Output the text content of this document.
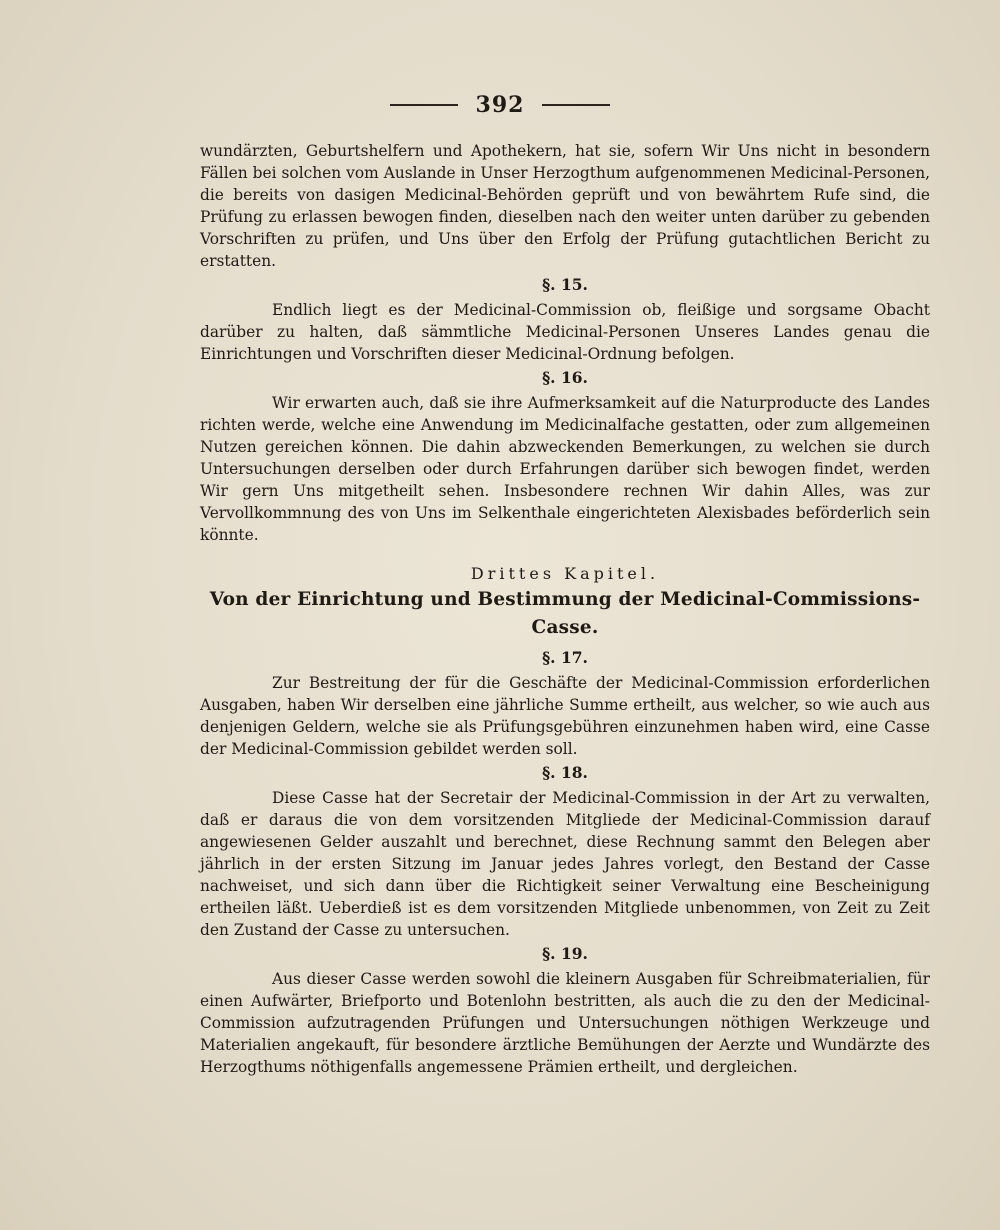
392

wundärzten, Geburtshelfern und Apothekern, hat sie, sofern Wir Uns nicht in besondern Fällen bei solchen vom Auslande in Unser Herzogthum aufgenommenen Medicinal-Personen, die bereits von dasigen Medicinal-Behörden geprüft und von bewährtem Rufe sind, die Prüfung zu erlassen bewogen finden, dieselben nach den weiter unten darüber zu gebenden Vorschriften zu prüfen, und Uns über den Erfolg der Prüfung gutachtlichen Bericht zu erstatten.

§. 15.

Endlich liegt es der Medicinal-Commission ob, fleißige und sorgsame Obacht darüber zu halten, daß sämmtliche Medicinal-Personen Unseres Landes genau die Einrichtungen und Vorschriften dieser Medicinal-Ordnung befolgen.

§. 16.

Wir erwarten auch, daß sie ihre Aufmerksamkeit auf die Naturproducte des Landes richten werde, welche eine Anwendung im Medicinalfache gestatten, oder zum allgemeinen Nutzen gereichen können. Die dahin abzweckenden Bemerkungen, zu welchen sie durch Untersuchungen derselben oder durch Erfahrungen darüber sich bewogen findet, werden Wir gern Uns mitgetheilt sehen. Insbesondere rechnen Wir dahin Alles, was zur Vervollkommnung des von Uns im Selkenthale eingerichteten Alexisbades beförderlich sein könnte.

Drittes Kapitel.
Von der Einrichtung und Bestimmung der Medicinal-Commissions-Casse.
§. 17.

Zur Bestreitung der für die Geschäfte der Medicinal-Commission erforderlichen Ausgaben, haben Wir derselben eine jährliche Summe ertheilt, aus welcher, so wie auch aus denjenigen Geldern, welche sie als Prüfungsgebühren einzunehmen haben wird, eine Casse der Medicinal-Commission gebildet werden soll.

§. 18.

Diese Casse hat der Secretair der Medicinal-Commission in der Art zu verwalten, daß er daraus die von dem vorsitzenden Mitgliede der Medicinal-Commission darauf angewiesenen Gelder auszahlt und berechnet, diese Rechnung sammt den Belegen aber jährlich in der ersten Sitzung im Januar jedes Jahres vorlegt, den Bestand der Casse nachweiset, und sich dann über die Richtigkeit seiner Verwaltung eine Bescheinigung ertheilen läßt. Ueberdieß ist es dem vorsitzenden Mitgliede unbenommen, von Zeit zu Zeit den Zustand der Casse zu untersuchen.

§. 19.

Aus dieser Casse werden sowohl die kleinern Ausgaben für Schreibmaterialien, für einen Aufwärter, Briefporto und Botenlohn bestritten, als auch die zu den der Medicinal-Commission aufzutragenden Prüfungen und Untersuchungen nöthigen Werkzeuge und Materialien angekauft, für besondere ärztliche Bemühungen der Aerzte und Wundärzte des Herzogthums nöthigenfalls angemessene Prämien ertheilt, und dergleichen.
